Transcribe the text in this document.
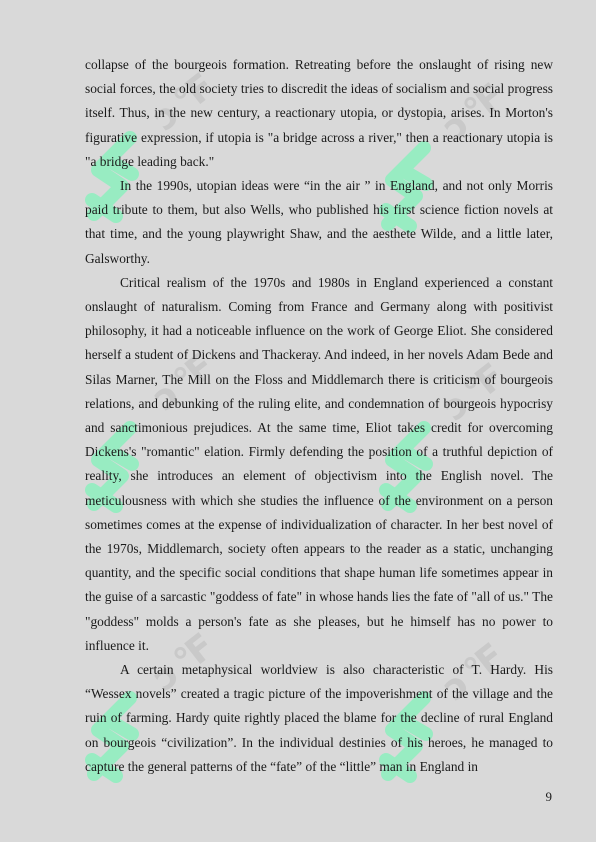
ↄ℉	ↄ℉
ↄ℉	ↄ℉
ↄ℉	ↄ℉

collapse of the bourgeois formation. Retreating before the onslaught of rising new social forces, the old society tries to discredit the ideas of socialism and social progress itself. Thus, in the new century, a reactionary utopia, or dystopia, arises. In Morton's figurative expression, if utopia is "a bridge across a river," then a reactionary utopia is "a bridge leading back."

In the 1990s, utopian ideas were “in the air ” in England, and not only Morris paid tribute to them, but also Wells, who published his first science fiction novels at that time, and the young playwright Shaw, and the aesthete Wilde, and a little later, Galsworthy.

Critical realism of the 1970s and 1980s in England experienced a constant onslaught of naturalism. Coming from France and Germany along with positivist philosophy, it had a noticeable influence on the work of George Eliot. She considered herself a student of Dickens and Thackeray. And indeed, in her novels Adam Bede and Silas Marner, The Mill on the Floss and Middlemarch there is criticism of bourgeois relations, and debunking of the ruling elite, and condemnation of bourgeois hypocrisy and sanctimonious prejudices. At the same time, Eliot takes credit for overcoming Dickens's "romantic" elation. Firmly defending the position of a truthful depiction of reality, she introduces an element of objectivism into the English novel. The meticulousness with which she studies the influence of the environment on a person sometimes comes at the expense of individualization of character. In her best novel of the 1970s, Middlemarch, society often appears to the reader as a static, unchanging quantity, and the specific social conditions that shape human life sometimes appear in the guise of a sarcastic "goddess of fate" in whose hands lies the fate of "all of us." The "goddess" molds a person's fate as she pleases, but he himself has no power to influence it.

A certain metaphysical worldview is also characteristic of T. Hardy. His “Wessex novels” created a tragic picture of the impoverishment of the village and the ruin of farming. Hardy quite rightly placed the blame for the decline of rural England on bourgeois “civilization”. In the individual destinies of his heroes, he managed to capture the general patterns of the “fate” of the “little” man in England in

9
